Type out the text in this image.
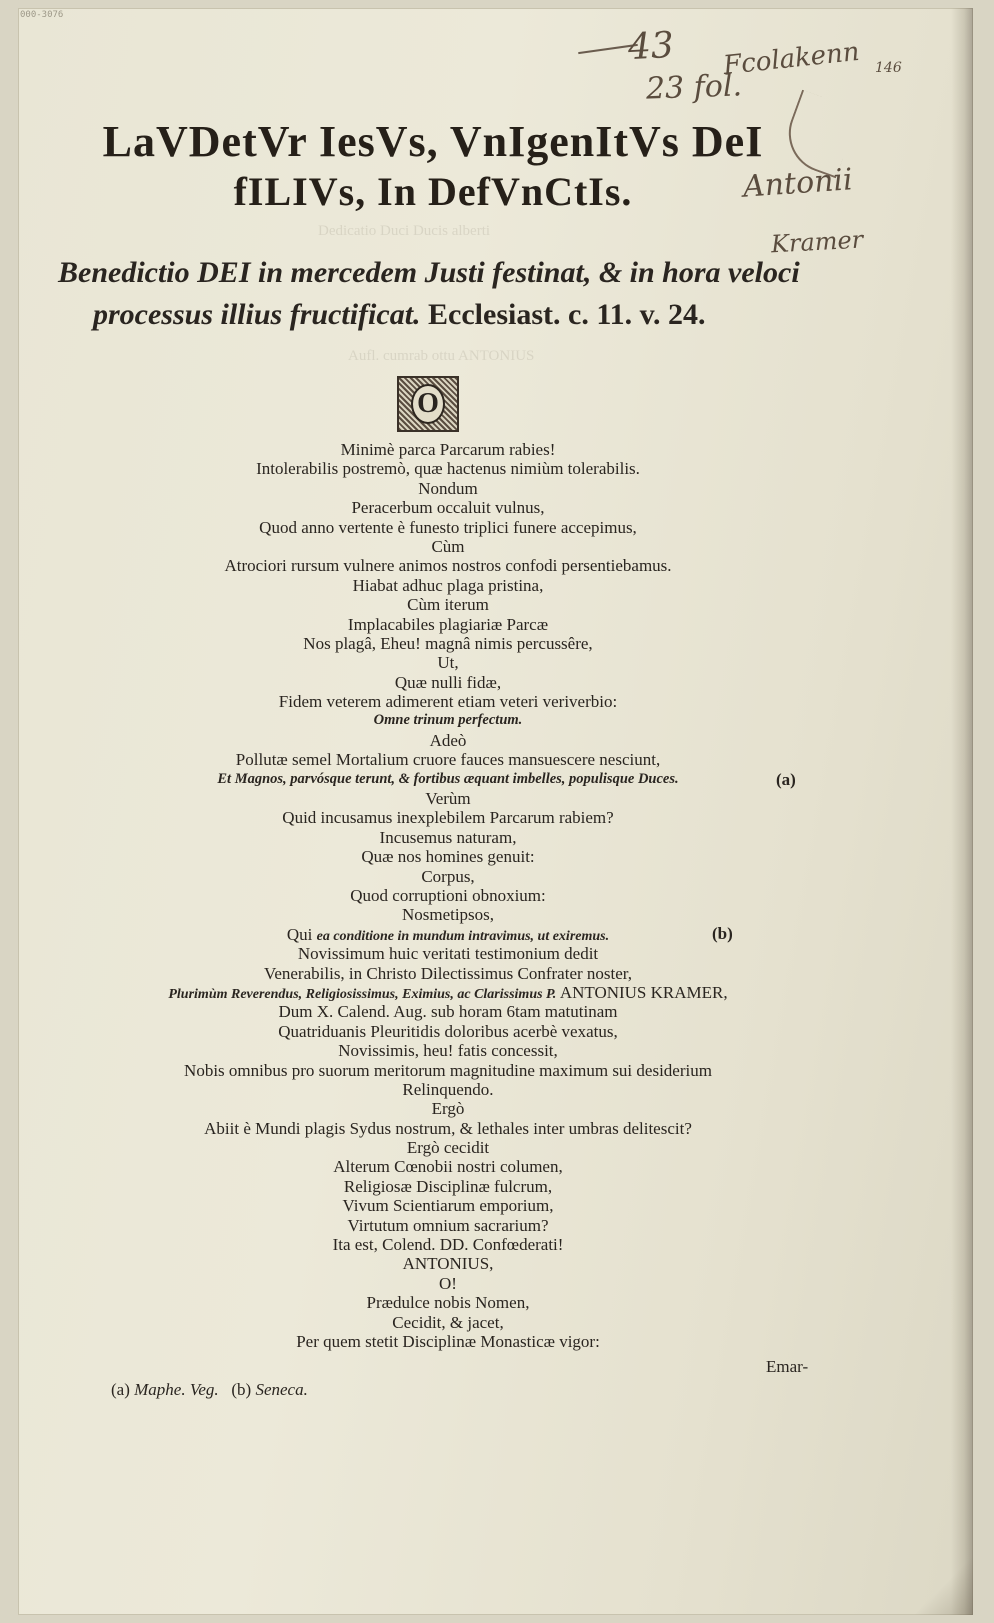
Dedicatio Duci Ducis alberti
Aufl. cumrab ottu ANTONIUS
43 Fcolakenn 146
23 fol.
Antonii
Kramer
LaVDetVr IesVs, VnIgenItVs DeI
fILIVs, In DefVnCtIs.
Benedictio DEI in mercedem Justi festinat, & in hora veloci
processus illius fructificat. Ecclesiast. c. 11. v. 24.
O
Minimè parca Parcarum rabies!
Intolerabilis postremò, quæ hactenus nimiùm tolerabilis.
Nondum
Peracerbum occaluit vulnus,
Quod anno vertente è funesto triplici funere accepimus,
Cùm
Atrociori rursum vulnere animos nostros confodi persentiebamus.
Hiabat adhuc plaga pristina,
Cùm iterum
Implacabiles plagiariæ Parcæ
Nos plagâ, Eheu! magnâ nimis percussêre,
Ut,
Quæ nulli fidæ,
Fidem veterem adimerent etiam veteri veriverbio:
Omne trinum perfectum.
Adeò
Pollutæ semel Mortalium cruore fauces mansuescere nesciunt,
Et Magnos, parvósque terunt, & fortibus æquant imbelles, populisque Duces.
Verùm
Quid incusamus inexplebilem Parcarum rabiem?
Incusemus naturam,
Quæ nos homines genuit:
Corpus,
Quod corruptioni obnoxium:
Nosmetipsos,
Qui ea conditione in mundum intravimus, ut exiremus.
Novissimum huic veritati testimonium dedit
Venerabilis, in Christo Dilectissimus Confrater noster,
Plurimùm Reverendus, Religiosissimus, Eximius, ac Clarissimus P. ANTONIUS KRAMER,
Dum X. Calend. Aug. sub horam 6tam matutinam
Quatriduanis Pleuritidis doloribus acerbè vexatus,
Novissimis, heu! fatis concessit,
Nobis omnibus pro suorum meritorum magnitudine maximum sui desiderium
Relinquendo.
Ergò
Abiit è Mundi plagis Sydus nostrum, & lethales inter umbras delitescit?
Ergò cecidit
Alterum Cœnobii nostri columen,
Religiosæ Disciplinæ fulcrum,
Vivum Scientiarum emporium,
Virtutum omnium sacrarium?
Ita est, Colend. DD. Confœderati!
ANTONIUS,
O!
Prædulce nobis Nomen,
Cecidit, & jacet,
Per quem stetit Disciplinæ Monasticæ vigor:
(a)
(b)
Emar-
(a) Maphe. Veg. (b) Seneca.
000-3076
